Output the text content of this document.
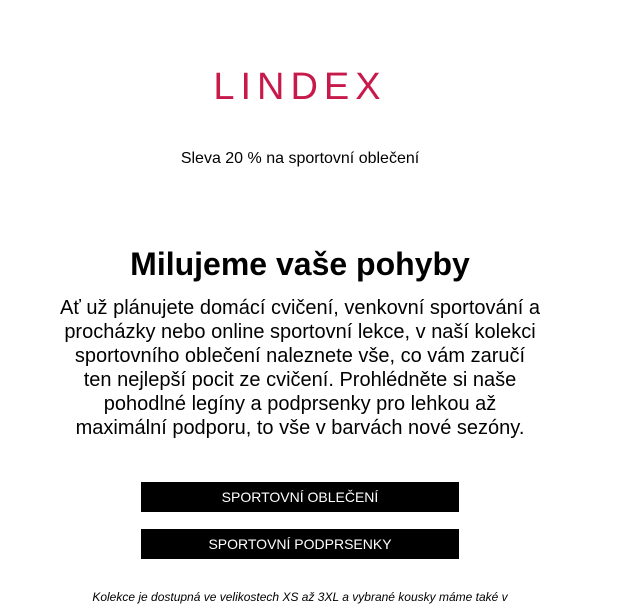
LINDEX
Sleva 20 % na sportovní oblečení
Milujeme vaše pohyby

Ať už plánujete domácí cvičení, venkovní sportování a procházky nebo online sportovní lekce, v naší kolekci sportovního oblečení naleznete vše, co vám zaručí ten nejlepší pocit ze cvičení. Prohlédněte si naše pohodlné legíny a podprsenky pro lehkou až maximální podporu, to vše v barvách nové sezóny.

SPORTOVNÍ OBLEČENÍ
SPORTOVNÍ PODPRSENKY
Kolekce je dostupná ve velikostech XS až 3XL a vybrané kousky máme také v
